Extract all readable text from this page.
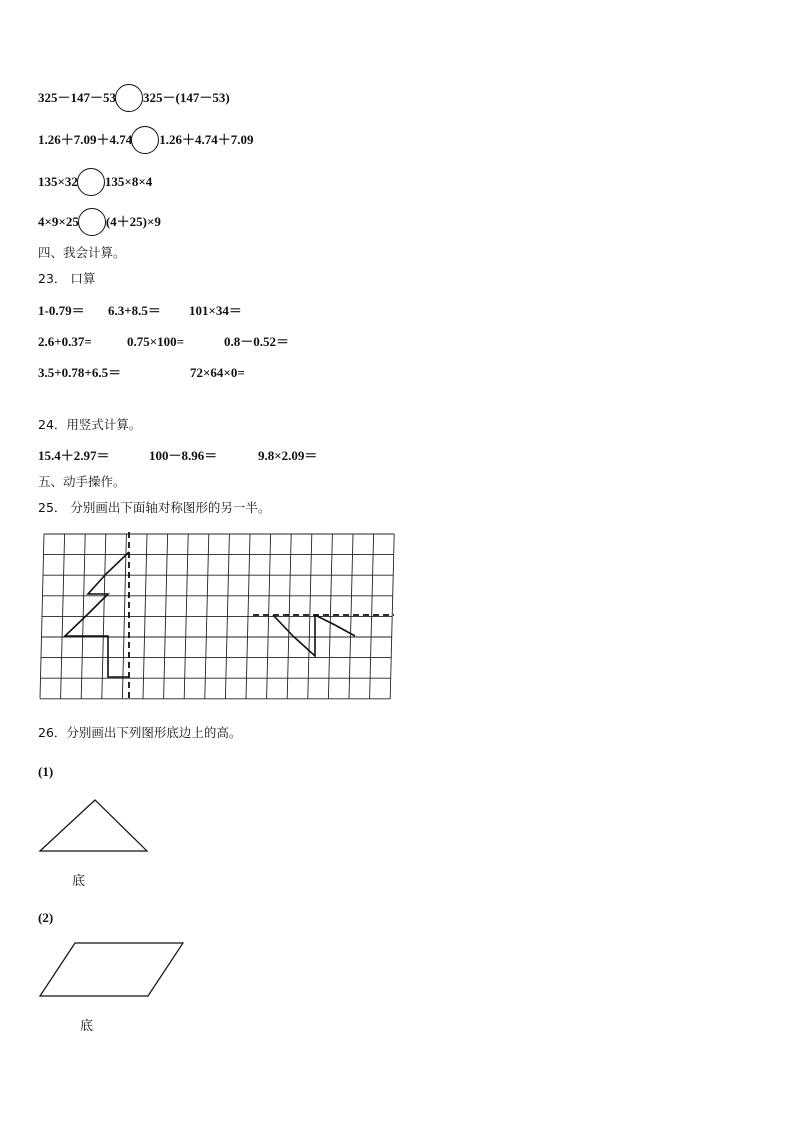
325－147－53 325－(147－53)
1.26＋7.09＋4.74 1.26＋4.74＋7.09
135×32 135×8×4
4×9×25 (4＋25)×9
四、我会计算。
23． 口算
1-0.79＝ 6.3+8.5＝ 101×34＝
2.6+0.37=	0.75×100=	0.8－0.52＝
3.5+0.78+6.5＝	72×64×0=
24．用竖式计算。
15.4＋2.97＝	100－8.96＝	9.8×2.09＝
五、动手操作。
25． 分别画出下面轴对称图形的另一半。
26．分别画出下列图形底边上的高。
(1)
底
(2)
底
